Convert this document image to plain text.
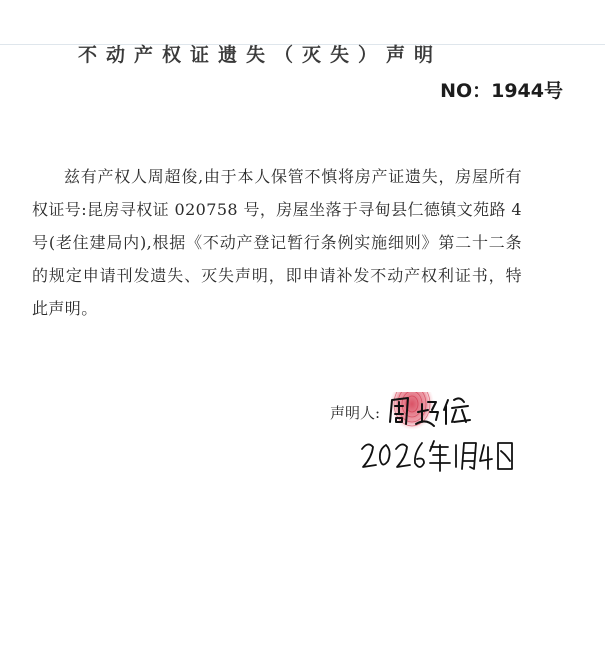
不动产权证遗失（灭失）声明
NO：1944号

兹有产权人周超俊,由于本人保管不慎将房产证遗失，房屋所有权证号:昆房寻权证 020758 号，房屋坐落于寻甸县仁德镇文苑路 4 号(老住建局内),根据《不动产登记暂行条例实施细则》第二十二条的规定申请刊发遗失、灭失声明，即申请补发不动产权利证书，特此声明。

声明人:
